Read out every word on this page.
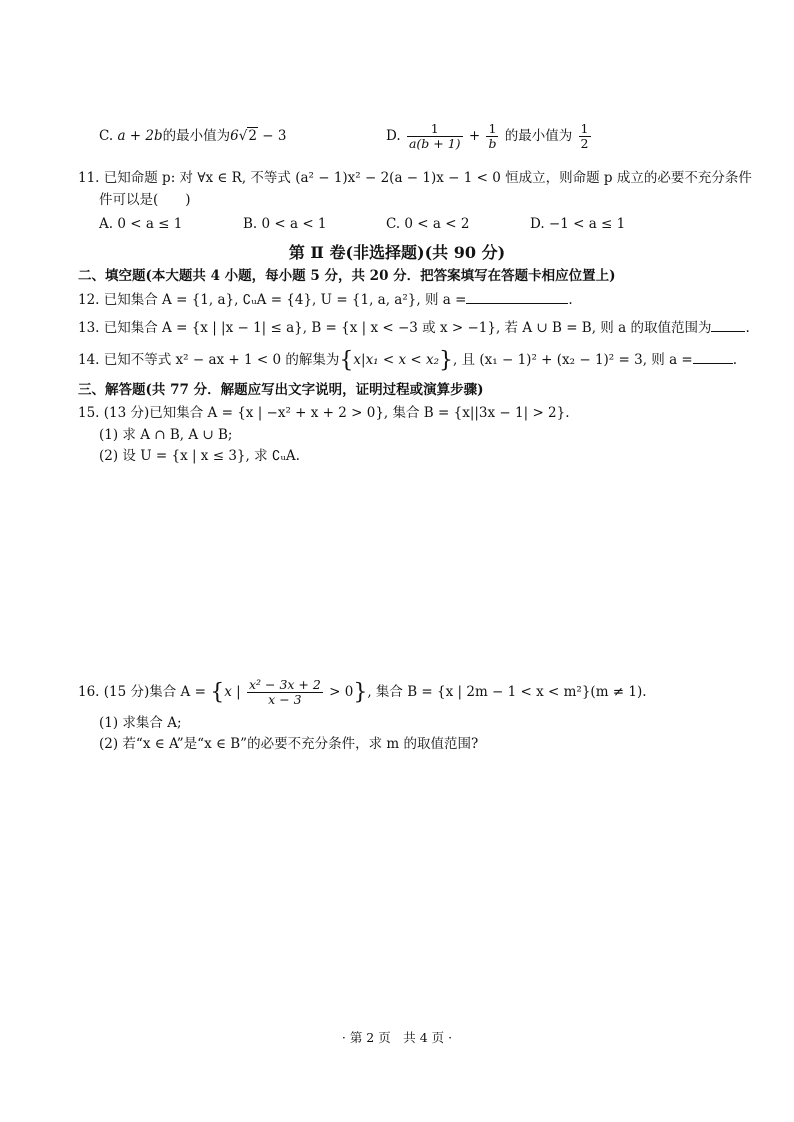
C. a + 2b的最小值为6√2 − 3	D. $\frac{1}{a(b + 1)} + \frac{1}{b}$ 的最小值为 $\frac{1}{2}$
11. 已知命题 p: 对 ∀x ∈ R, 不等式 (a² − 1)x² − 2(a − 1)x − 1 < 0 恒成立，则命题 p 成立的必要不充分条件
件可以是(　　)
A. 0 < a ≤ 1	B. 0 < a < 1	C. 0 < a < 2	D. −1 < a ≤ 1
第 Ⅱ 卷(非选择题)(共 90 分)
二、填空题(本大题共 4 小题，每小题 5 分，共 20 分．把答案填写在答题卡相应位置上)
12. 已知集合 A = {1, a}, ∁ᵤA = {4}, U = {1, a, a²}, 则 a =	.
13. 已知集合 A = {x | |x − 1| ≤ a}, B = {x | x < −3 或 x > −1}, 若 A ∪ B = B, 则 a 的取值范围为	.
14. 已知不等式 x² − ax + 1 < 0 的解集为{x|x₁ < x < x₂}, 且 (x₁ − 1)² + (x₂ − 1)² = 3, 则 a =	.
三、解答题(共 77 分．解题应写出文字说明，证明过程或演算步骤)
15. (13 分)已知集合 A = {x | −x² + x + 2 > 0}, 集合 B = {x||3x − 1| > 2}.
(1) 求 A ∩ B, A ∪ B;
(2) 设 U = {x | x ≤ 3}, 求 ∁ᵤA.
16. (15 分)集合 A = {x | $\frac{\text{x² − 3x + 2}}{x - 3} > 0$}, 集合 B = {x | 2m − 1 < x < m²}(m ≠ 1).
(1) 求集合 A;
(2) 若“x ∈ A”是“x ∈ B”的必要不充分条件，求 m 的取值范围?
· 第 2 页　共 4 页 ·
